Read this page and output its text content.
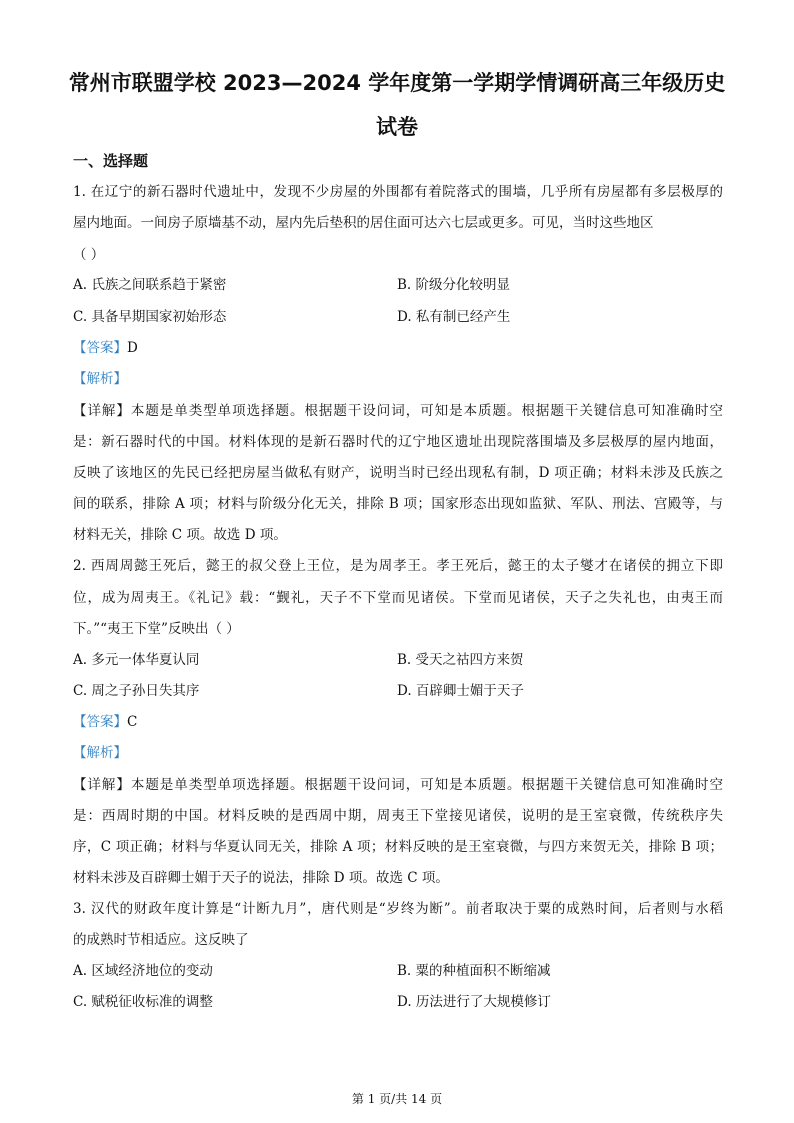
常州市联盟学校 2023—2024 学年度第一学期学情调研高三年级历史
试卷
一、选择题
1. 在辽宁的新石器时代遗址中，发现不少房屋的外围都有着院落式的围墙，几乎所有房屋都有多层极厚的
屋内地面。一间房子原墙基不动，屋内先后垫积的居住面可达六七层或更多。可见，当时这些地区
（ ）
A. 氏族之间联系趋于紧密	B. 阶级分化较明显
C. 具备早期国家初始形态	D. 私有制已经产生
【答案】D
【解析】
【详解】本题是单类型单项选择题。根据题干设问词，可知是本质题。根据题干关键信息可知准确时空
是：新石器时代的中国。材料体现的是新石器时代的辽宁地区遗址出现院落围墙及多层极厚的屋内地面，
反映了该地区的先民已经把房屋当做私有财产，说明当时已经出现私有制，D 项正确；材料未涉及氏族之
间的联系，排除 A 项；材料与阶级分化无关，排除 B 项；国家形态出现如监狱、军队、刑法、宫殿等，与
材料无关，排除 C 项。故选 D 项。
2. 西周周懿王死后，懿王的叔父登上王位，是为周孝王。孝王死后，懿王的太子燮才在诸侯的拥立下即
位，成为周夷王。《礼记》载：“觐礼，天子不下堂而见诸侯。下堂而见诸侯，天子之失礼也，由夷王而
下。”“夷王下堂”反映出（ ）
A. 多元一体华夏认同	B. 受天之祜四方来贺
C. 周之子孙日失其序	D. 百辟卿士媚于天子
【答案】C
【解析】
【详解】本题是单类型单项选择题。根据题干设问词，可知是本质题。根据题干关键信息可知准确时空
是：西周时期的中国。材料反映的是西周中期，周夷王下堂接见诸侯，说明的是王室衰微，传统秩序失
序，C 项正确；材料与华夏认同无关，排除 A 项；材料反映的是王室衰微，与四方来贺无关，排除 B 项；
材料未涉及百辟卿士媚于天子的说法，排除 D 项。故选 C 项。
3. 汉代的财政年度计算是“计断九月”，唐代则是“岁终为断”。前者取决于粟的成熟时间，后者则与水稻
的成熟时节相适应。这反映了
A. 区域经济地位的变动	B. 粟的种植面积不断缩减
C. 赋税征收标准的调整	D. 历法进行了大规模修订
第 1 页/共 14 页
